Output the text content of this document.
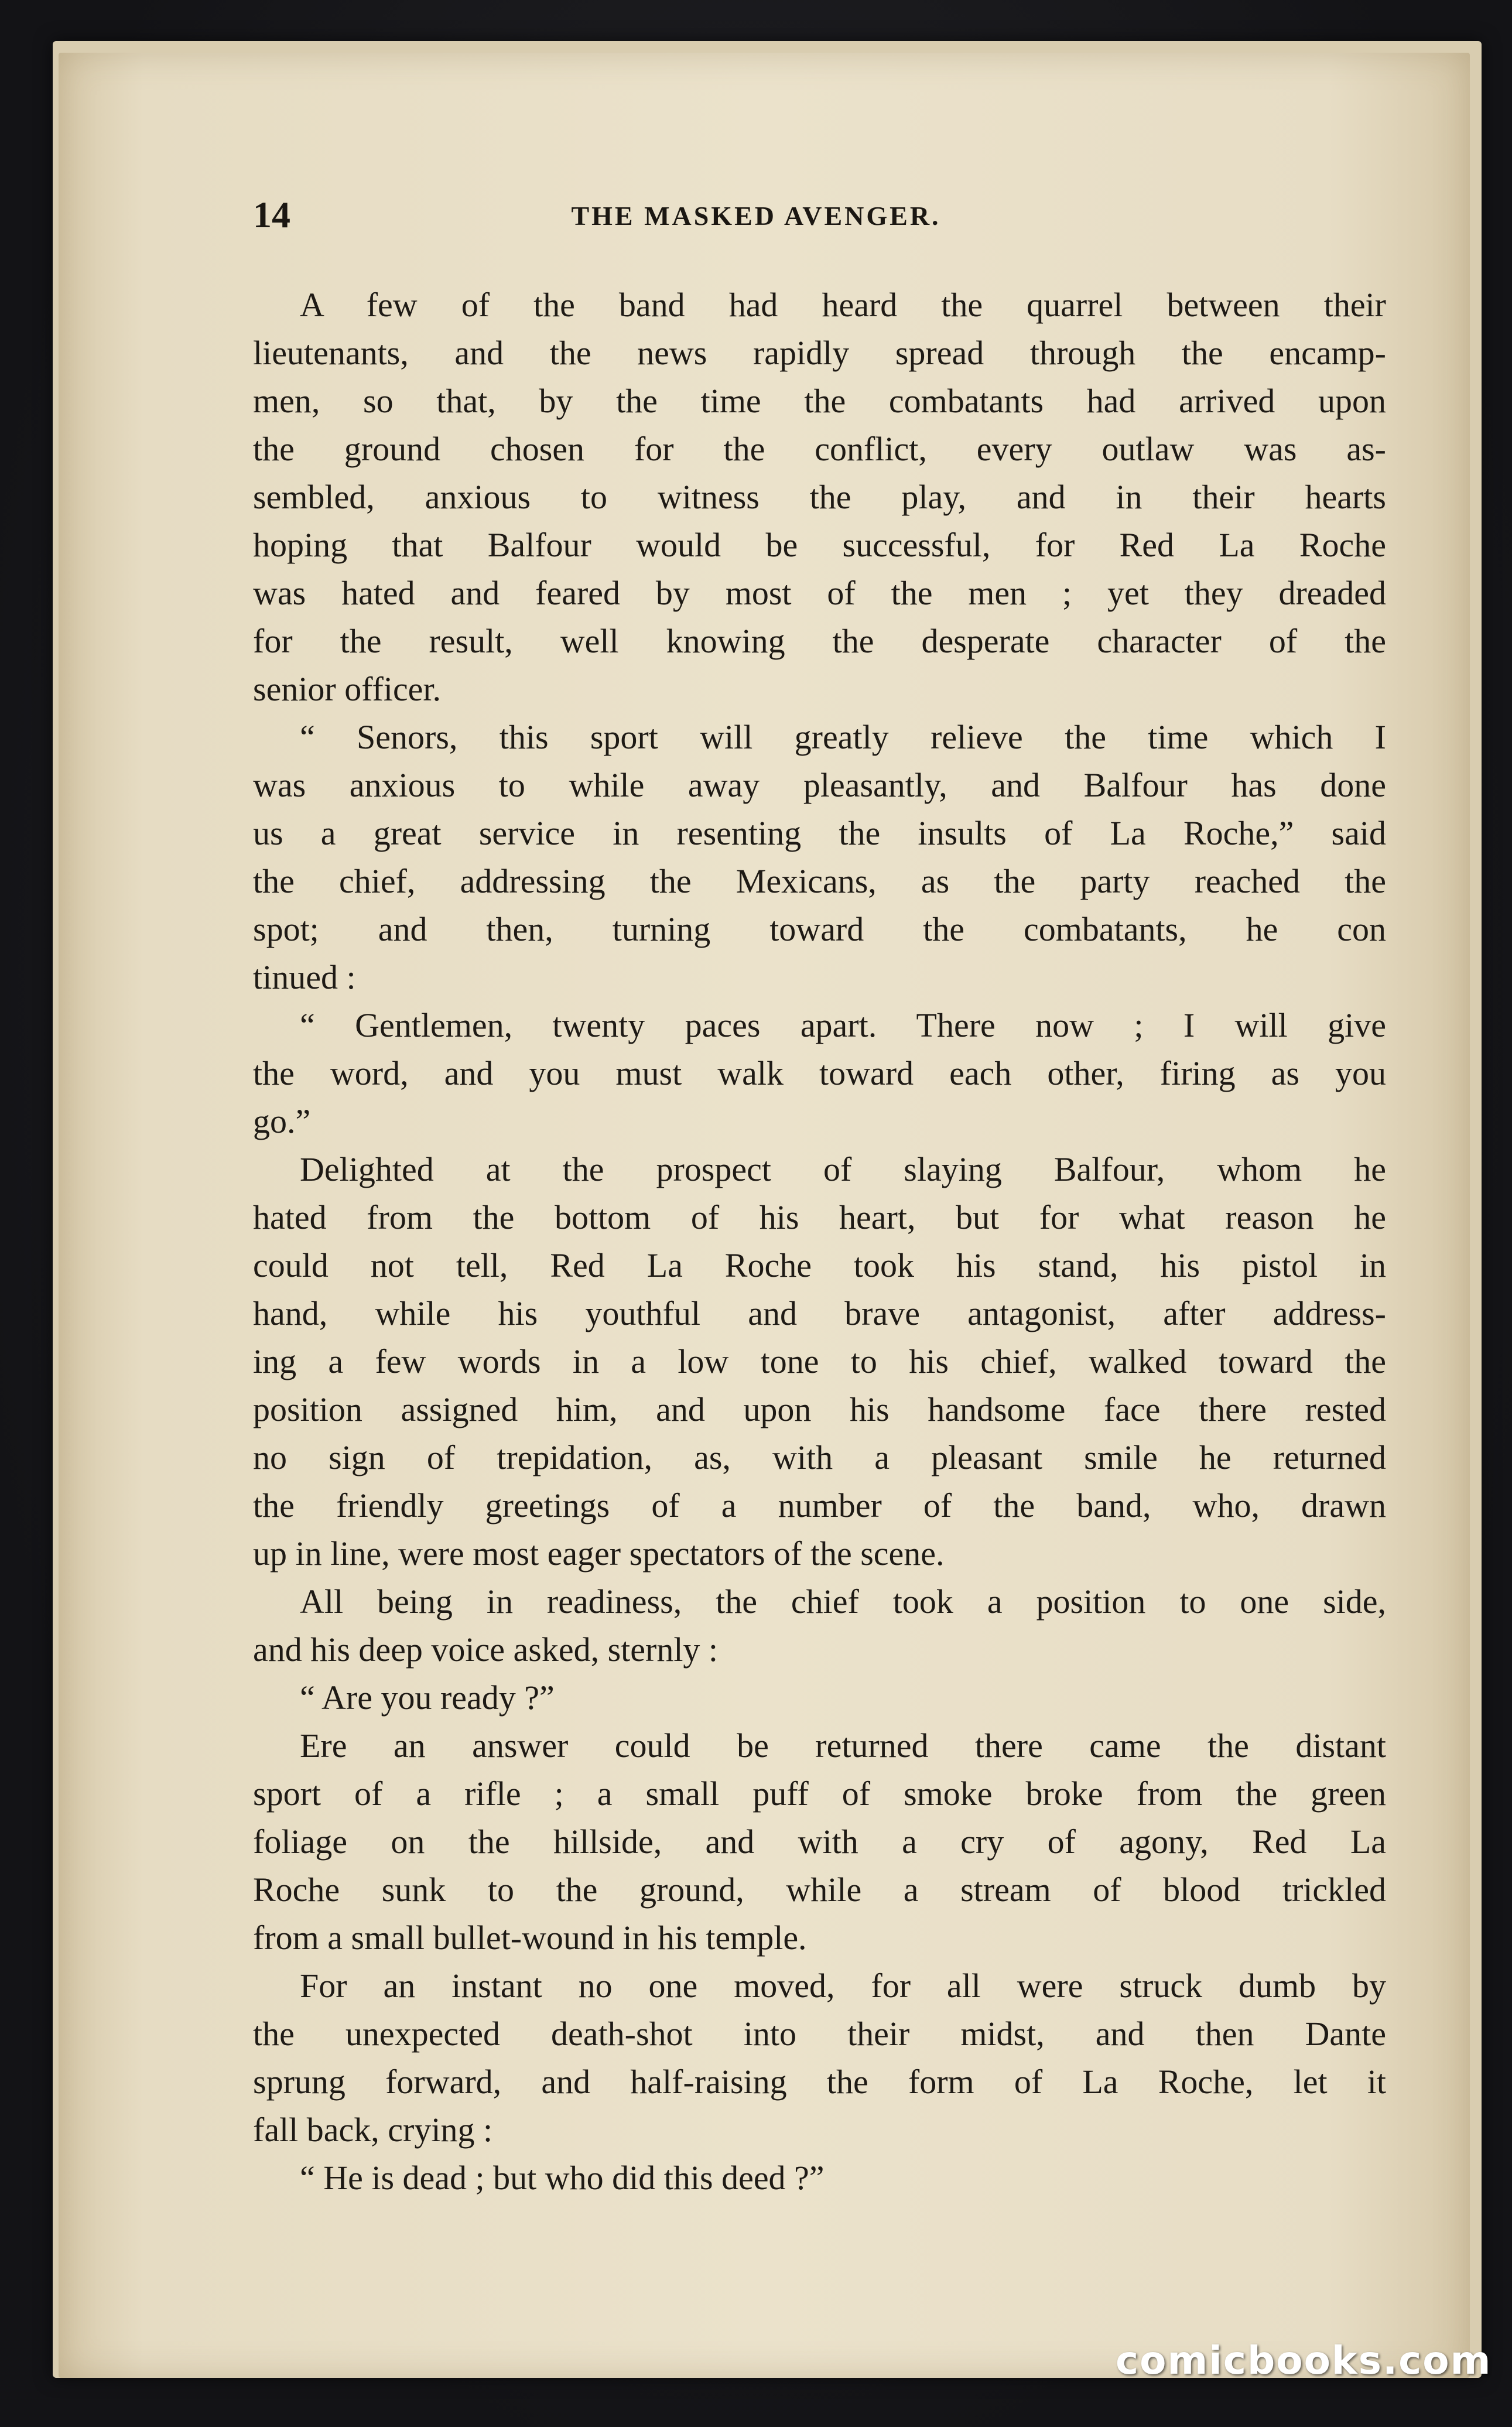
14	THE MASKED AVENGER.
A few of the band had heard the quarrel between their
lieutenants, and the news rapidly spread through the encamp-
men, so that, by the time the combatants had arrived upon
the ground chosen for the conflict, every outlaw was as-
sembled, anxious to witness the play, and in their hearts
hoping that Balfour would be successful, for Red La Roche
was hated and feared by most of the men ; yet they dreaded
for the result, well knowing the desperate character of the
senior officer.
“ Senors, this sport will greatly relieve the time which I
was anxious to while away pleasantly, and Balfour has done
us a great service in resenting the insults of La Roche,” said
the chief, addressing the Mexicans, as the party reached the
spot; and then, turning toward the combatants, he con
tinued :
“ Gentlemen, twenty paces apart. There now ; I will give
the word, and you must walk toward each other, firing as you
go.”
Delighted at the prospect of slaying Balfour, whom he
hated from the bottom of his heart, but for what reason he
could not tell, Red La Roche took his stand, his pistol in
hand, while his youthful and brave antagonist, after address-
ing a few words in a low tone to his chief, walked toward the
position assigned him, and upon his handsome face there rested
no sign of trepidation, as, with a pleasant smile he returned
the friendly greetings of a number of the band, who, drawn
up in line, were most eager spectators of the scene.
All being in readiness, the chief took a position to one side,
and his deep voice asked, sternly :
“ Are you ready ?”
Ere an answer could be returned there came the distant
sport of a rifle ; a small puff of smoke broke from the green
foliage on the hillside, and with a cry of agony, Red La
Roche sunk to the ground, while a stream of blood trickled
from a small bullet-wound in his temple.
For an instant no one moved, for all were struck dumb by
the unexpected death-shot into their midst, and then Dante
sprung forward, and half-raising the form of La Roche, let it
fall back, crying :
“ He is dead ; but who did this deed ?”
comicbooks.com
